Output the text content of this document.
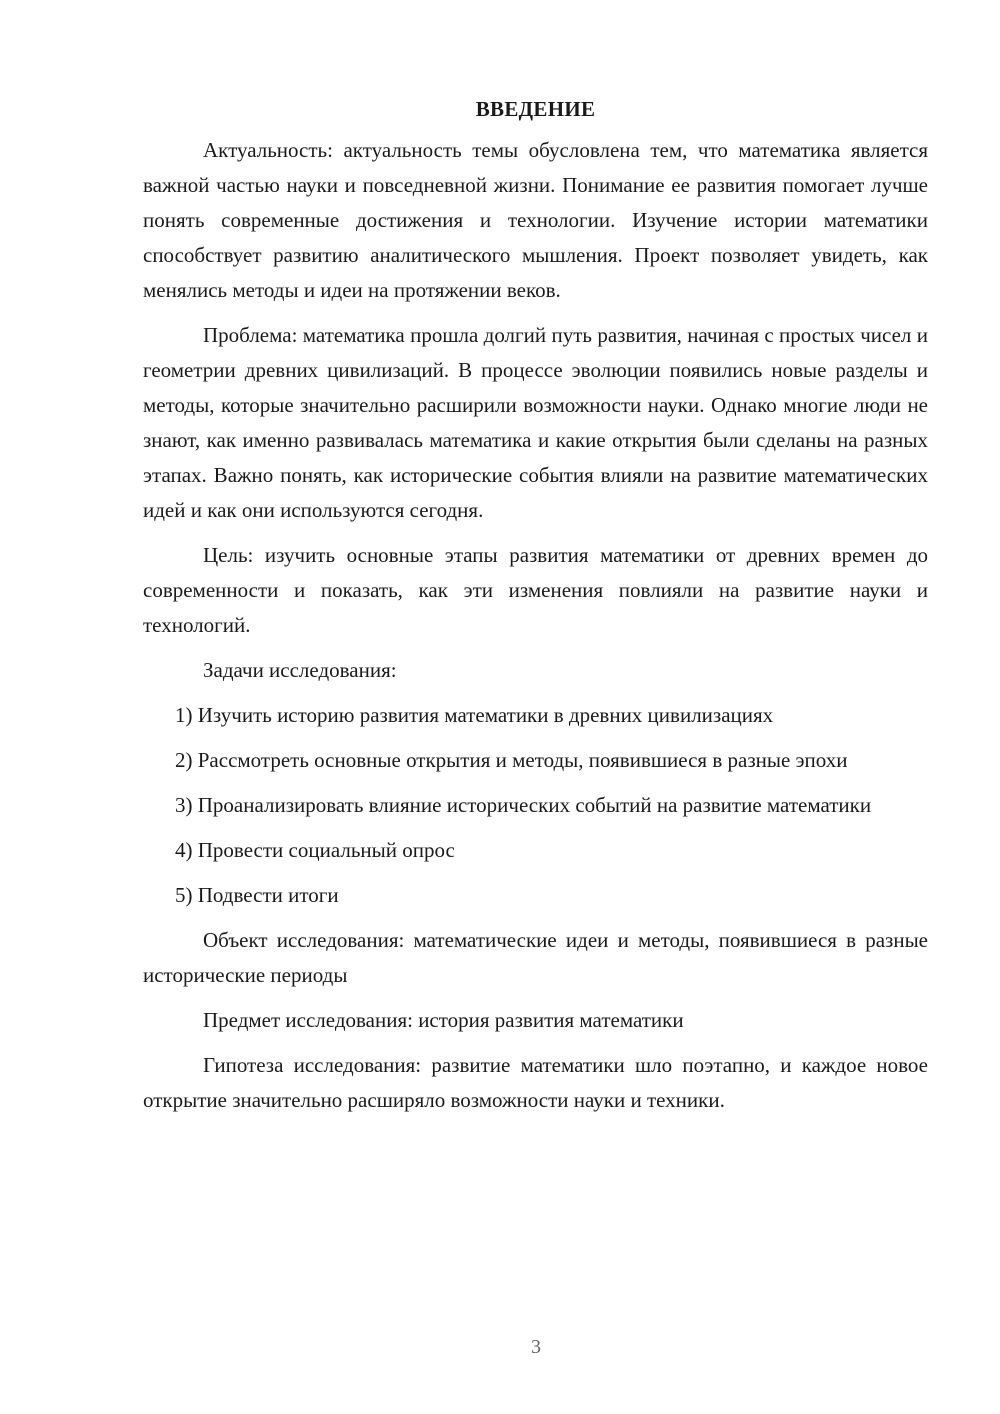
ВВЕДЕНИЕ

Актуальность: актуальность темы обусловлена тем, что математика является важной частью науки и повседневной жизни. Понимание ее развития помогает лучше понять современные достижения и технологии. Изучение истории математики способствует развитию аналитического мышления. Проект позволяет увидеть, как менялись методы и идеи на протяжении веков.

Проблема: математика прошла долгий путь развития, начиная с простых чисел и геометрии древних цивилизаций. В процессе эволюции появились новые разделы и методы, которые значительно расширили возможности науки. Однако многие люди не знают, как именно развивалась математика и какие открытия были сделаны на разных этапах. Важно понять, как исторические события влияли на развитие математических идей и как они используются сегодня.

Цель: изучить основные этапы развития математики от древних времен до современности и показать, как эти изменения повлияли на развитие науки и технологий.

Задачи исследования:

1) Изучить историю развития математики в древних цивилизациях

2) Рассмотреть основные открытия и методы, появившиеся в разные эпохи

3) Проанализировать влияние исторических событий на развитие математики

4) Провести социальный опрос

5) Подвести итоги

Объект исследования: математические идеи и методы, появившиеся в разные исторические периоды

Предмет исследования: история развития математики

Гипотеза исследования: развитие математики шло поэтапно, и каждое новое открытие значительно расширяло возможности науки и техники.

3
